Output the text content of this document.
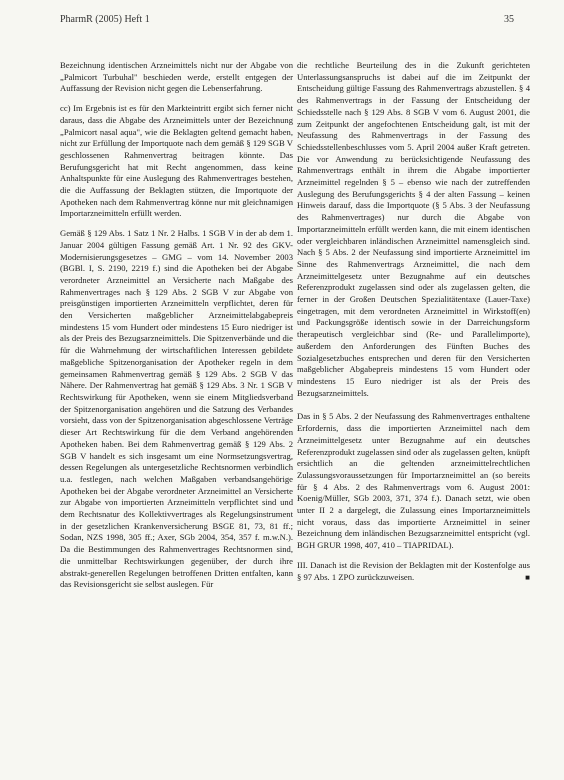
PharmR (2005) Heft 1	35

Bezeichnung identischen Arzneimittels nicht nur der Abgabe von „Palmicort Turbuhal" beschieden werde, erstellt entgegen der Auffassung der Revision nicht gegen die Lebenserfahrung.

cc) Im Ergebnis ist es für den Markteintritt ergibt sich ferner nicht daraus, dass die Abgabe des Arzneimittels unter der Bezeichnung „Palmicort nasal aqua", wie die Beklagten geltend gemacht haben, nicht zur Erfüllung der Importquote nach dem gemäß § 129 SGB V geschlossenen Rahmenvertrag beitragen könnte. Das Berufungsgericht hat mit Recht angenommen, dass keine Anhaltspunkte für eine Auslegung des Rahmenvertrages bestehen, die die Auffassung der Beklagten stützen, die Importquote der Apotheken nach dem Rahmenvertrag könne nur mit gleichnamigen Importarzneimitteln erfüllt werden.

Gemäß § 129 Abs. 1 Satz 1 Nr. 2 Halbs. 1 SGB V in der ab dem 1. Januar 2004 gültigen Fassung gemäß Art. 1 Nr. 92 des GKV-Modernisierungsgesetzes – GMG – vom 14. November 2003 (BGBl. I, S. 2190, 2219 f.) sind die Apotheken bei der Abgabe verordneter Arzneimittel an Versicherte nach Maßgabe des Rahmenvertrages nach § 129 Abs. 2 SGB V zur Abgabe von preisgünstigen importierten Arzneimitteln verpflichtet, deren für den Versicherten maßgeblicher Arzneimittelabgabepreis mindestens 15 vom Hundert oder mindestens 15 Euro niedriger ist als der Preis des Bezugsarzneimittels. Die Spitzenverbände und die für die Wahrnehmung der wirtschaftlichen Interessen gebildete maßgebliche Spitzenorganisation der Apotheker regeln in dem gemeinsamen Rahmenvertrag gemäß § 129 Abs. 2 SGB V das Nähere. Der Rahmenvertrag hat gemäß § 129 Abs. 3 Nr. 1 SGB V Rechtswirkung für Apotheken, wenn sie einem Mitgliedsverband der Spitzenorganisation angehören und die Satzung des Verbandes vorsieht, dass von der Spitzenorganisation abgeschlossene Verträge dieser Art Rechtswirkung für die dem Verband angehörenden Apotheken haben. Bei dem Rahmenvertrag gemäß § 129 Abs. 2 SGB V handelt es sich insgesamt um eine Normsetzungsvertrag, dessen Regelungen als untergesetzliche Rechtsnormen verbindlich u.a. festlegen, nach welchen Maßgaben verbandsangehörige Apotheken bei der Abgabe verordneter Arzneimittel an Versicherte zur Abgabe von importierten Arzneimitteln verpflichtet sind und dem Rechtsnatur des Kollektivvertrages als Regelungsinstrument in der gesetzlichen Krankenversicherung BSGE 81, 73, 81 ff.; Sodan, NZS 1998, 305 ff.; Axer, SGb 2004, 354, 357 f. m.w.N.). Da die Bestimmungen des Rahmenvertrages Rechtsnormen sind, die unmittelbar Rechtswirkungen gegenüber, der durch ihre abstrakt-generellen Regelungen betroffenen Dritten entfalten, kann das Revisionsgericht sie selbst auslegen. Für

die rechtliche Beurteilung des in die Zukunft gerichteten Unterlassungsanspruchs ist dabei auf die im Zeitpunkt der Entscheidung gültige Fassung des Rahmenvertrags abzustellen. § 4 des Rahmenvertrags in der Fassung der Entscheidung der Schiedsstelle nach § 129 Abs. 8 SGB V vom 6. August 2001, die zum Zeitpunkt der angefochtenen Entscheidung galt, ist mit der Neufassung des Rahmenvertrags in der Fassung des Schiedsstellenbeschlusses vom 5. April 2004 außer Kraft getreten. Die vor Anwendung zu berücksichtigende Neufassung des Rahmenvertrags enthält in ihrem die Abgabe importierter Arzneimittel regelnden § 5 – ebenso wie nach der zutreffenden Auslegung des Berufungsgerichts § 4 der alten Fassung – keinen Hinweis darauf, dass die Importquote (§ 5 Abs. 3 der Neufassung des Rahmenvertrages) nur durch die Abgabe von Importarzneimitteln erfüllt werden kann, die mit einem identischen oder vergleichbaren inländischen Arzneimittel namensgleich sind. Nach § 5 Abs. 2 der Neufassung sind importierte Arzneimittel im Sinne des Rahmenvertrags Arzneimittel, die nach dem Arzneimittelgesetz unter Bezugnahme auf ein deutsches Referenzprodukt zugelassen sind oder als zugelassen gelten, die ferner in der Großen Deutschen Spezialitätentaxe (Lauer-Taxe) eingetragen, mit dem verordneten Arzneimittel in Wirkstoff(en) und Packungsgröße identisch sowie in der Darreichungsform therapeutisch vergleichbar sind (Re- und Parallelimporte), außerdem den Anforderungen des Fünften Buches des Sozialgesetzbuches entsprechen und deren für den Versicherten maßgeblicher Abgabepreis mindestens 15 vom Hundert oder mindestens 15 Euro niedriger ist als der Preis des Bezugsarzneimittels.

Das in § 5 Abs. 2 der Neufassung des Rahmenvertrages enthaltene Erfordernis, dass die importierten Arzneimittel nach dem Arzneimittelgesetz unter Bezugnahme auf ein deutsches Referenzprodukt zugelassen sind oder als zugelassen gelten, knüpft ersichtlich an die geltenden arzneimittelrechtlichen Zulassungsvoraussetzungen für Importarzneimittel an (so bereits für § 4 Abs. 2 des Rahmenvertrags vom 6. August 2001: Koenig/Müller, SGb 2003, 371, 374 f.). Danach setzt, wie oben unter II 2 a dargelegt, die Zulassung eines Importarzneimittels nicht voraus, dass das importierte Arzneimittel in seiner Bezeichnung dem inländischen Bezugsarzneimittel entspricht (vgl. BGH GRUR 1998, 407, 410 – TIAPRIDAL).

III. Danach ist die Revision der Beklagten mit der Kostenfolge aus § 97 Abs. 1 ZPO zurückzuweisen.	■
